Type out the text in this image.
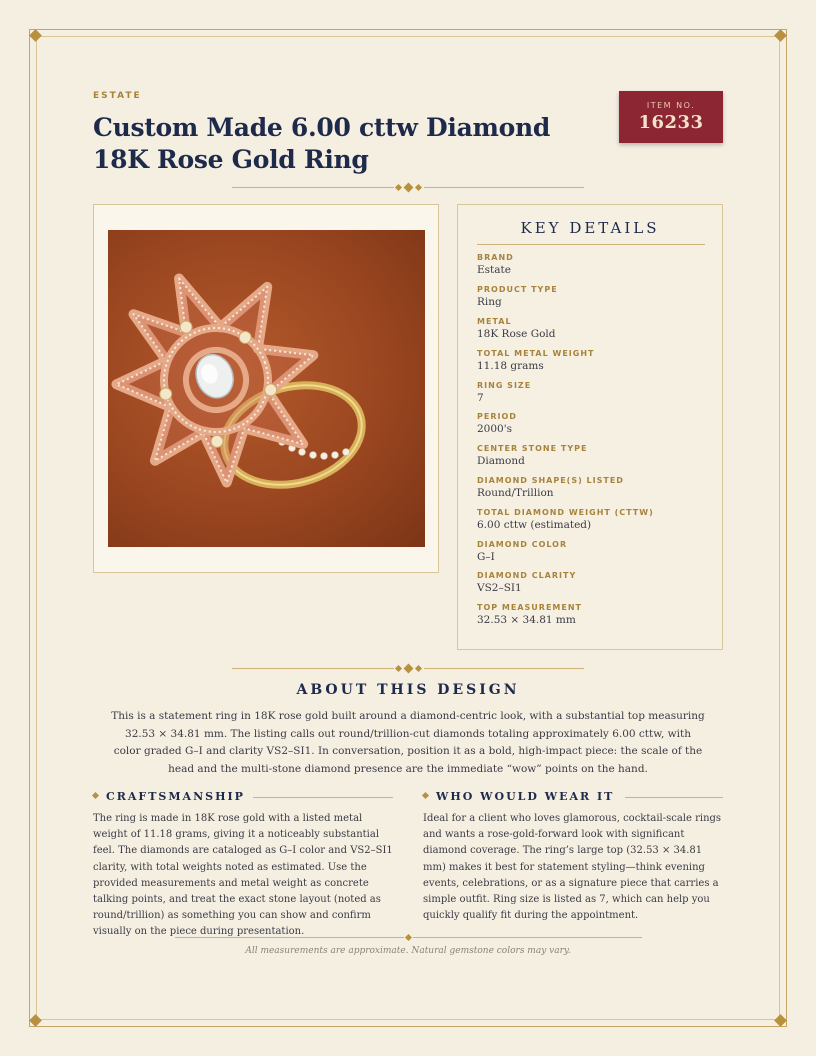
ESTATE
Custom Made 6.00 cttw Diamond 18K Rose Gold Ring
ITEM NO.
16233
KEY DETAILS
BRAND
Estate
PRODUCT TYPE
Ring
METAL
18K Rose Gold
TOTAL METAL WEIGHT
11.18 grams
RING SIZE
7
PERIOD
2000's
CENTER STONE TYPE
Diamond
DIAMOND SHAPE(S) LISTED
Round/Trillion
TOTAL DIAMOND WEIGHT (CTTW)
6.00 cttw (estimated)
DIAMOND COLOR
G–I
DIAMOND CLARITY
VS2–SI1
TOP MEASUREMENT
32.53 × 34.81 mm
ABOUT THIS DESIGN

This is a statement ring in 18K rose gold built around a diamond-centric look, with a substantial top measuring 32.53 × 34.81 mm. The listing calls out round/trillion-cut diamonds totaling approximately 6.00 cttw, with color graded G–I and clarity VS2–SI1. In conversation, position it as a bold, high-impact piece: the scale of the head and the multi-stone diamond presence are the immediate “wow” points on the hand.

CRAFTSMANSHIP

The ring is made in 18K rose gold with a listed metal weight of 11.18 grams, giving it a noticeably substantial feel. The diamonds are cataloged as G–I color and VS2–SI1 clarity, with total weights noted as estimated. Use the provided measurements and metal weight as concrete talking points, and treat the exact stone layout (noted as round/trillion) as something you can show and confirm visually on the piece during presentation.

WHO WOULD WEAR IT

Ideal for a client who loves glamorous, cocktail-scale rings and wants a rose-gold-forward look with significant diamond coverage. The ring’s large top (32.53 × 34.81 mm) makes it best for statement styling—think evening events, celebrations, or as a signature piece that carries a simple outfit. Ring size is listed as 7, which can help you quickly qualify fit during the appointment.

All measurements are approximate. Natural gemstone colors may vary.
